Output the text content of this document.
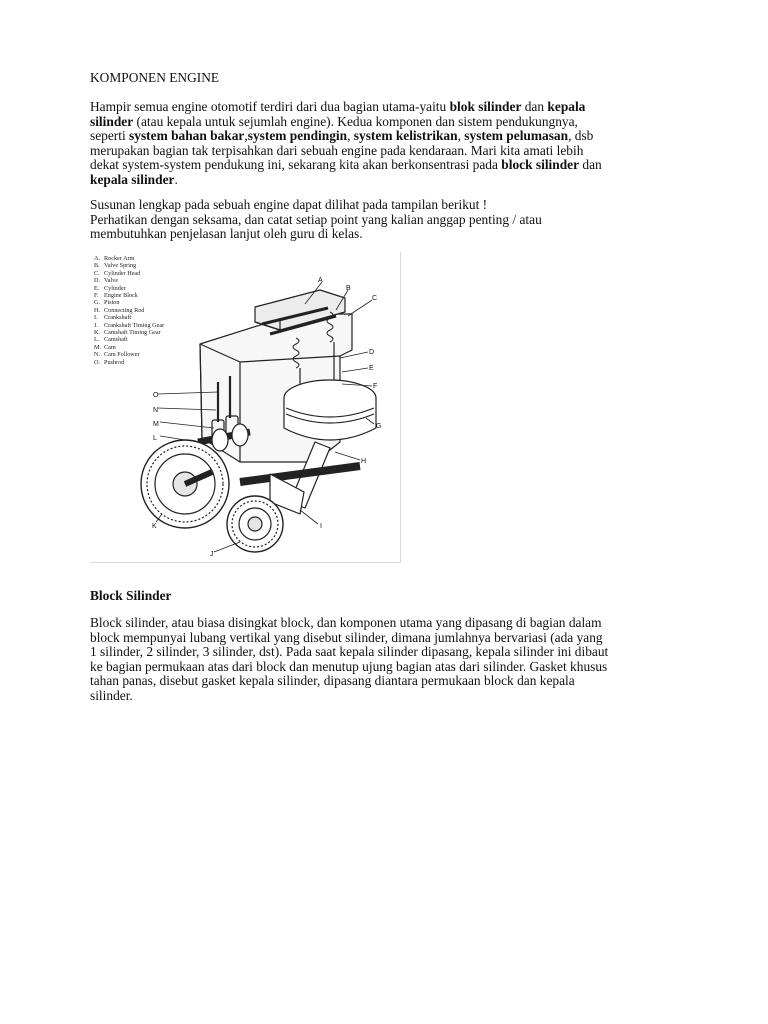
KOMPONEN ENGINE

Hampir semua engine otomotif terdiri dari dua bagian utama-yaitu blok silinder dan kepala
silinder (atau kepala untuk sejumlah engine). Kedua komponen dan sistem pendukungnya,
seperti system bahan bakar,system pendingin, system kelistrikan, system pelumasan, dsb
merupakan bagian tak terpisahkan dari sebuah engine pada kendaraan. Mari kita amati lebih
dekat system-system pendukung ini, sekarang kita akan berkonsentrasi pada block silinder dan
kepala silinder.

Susunan lengkap pada sebuah engine dapat dilihat pada tampilan berikut !
Perhatikan dengan seksama, dan catat setiap point yang kalian anggap penting / atau
membutuhkan penjelasan lanjut oleh guru di kelas.

A. Rocker Arm
B. Valve Spring
C. Cylinder Head
D. Valve
E. Cylinder
F. Engine Block
G. Piston
H. Connecting Rod
I.	Crankshaft
J. Crankshaft Timing Gear
K. Camshaft Timing Gear
L. Camshaft
M. Cam
N. Cam Follower
O. Pushrod
A
B
C
D
E
F
G
H
I
J
K
L
M
N
O
Block Silinder

Block silinder, atau biasa disingkat block, dan komponen utama yang dipasang di bagian dalam
block mempunyai lubang vertikal yang disebut silinder, dimana jumlahnya bervariasi (ada yang
1 silinder, 2 silinder, 3 silinder, dst). Pada saat kepala silinder dipasang, kepala silinder ini dibaut
ke bagian permukaan atas dari block dan menutup ujung bagian atas dari silinder. Gasket khusus
tahan panas, disebut gasket kepala silinder, dipasang diantara permukaan block dan kepala
silinder.
